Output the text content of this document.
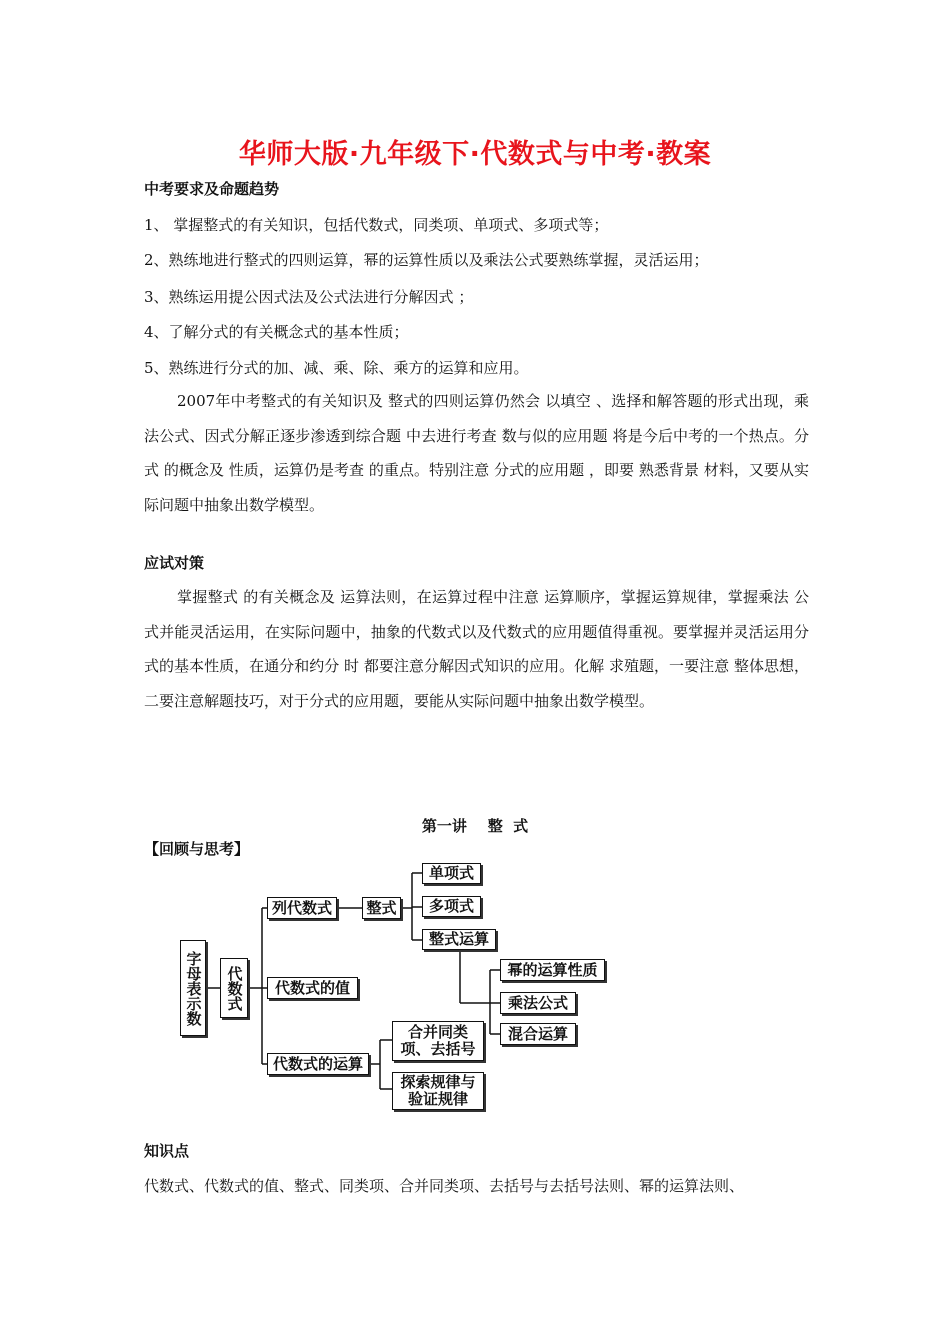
华师大版·九年级下·代数式与中考·教案
中考要求及命题趋势
1、 掌握整式的有关知识，包括代数式，同类项、单项式、多项式等；
2、熟练地进行整式的四则运算，幂的运算性质以及乘法公式要熟练掌握，灵活运用；
3、熟练运用提公因式法及公式法进行分解因式 ；
4、了解分式的有关概念式的基本性质；
5、熟练进行分式的加、减、乘、除、乘方的运算和应用。

2007年中考整式的有关知识及 整式的四则运算仍然会 以填空 、选择和解答题的形式出现，乘法公式、因式分解正逐步渗透到综合题 中去进行考查 数与似的应用题 将是今后中考的一个热点。分式 的概念及 性质，运算仍是考查 的重点。特别注意 分式的应用题 ，即要 熟悉背景 材料，又要从实际问题中抽象出数学模型。

应试对策

掌握整式 的有关概念及 运算法则，在运算过程中注意 运算顺序，掌握运算规律，掌握乘法 公式并能灵活运用，在实际问题中，抽象的代数式以及代数式的应用题值得重视。要掌握并灵活运用分式的基本性质，在通分和约分 时 都要注意分解因式知识的应用。化解 求殖题，一要注意 整体思想，二要注意解题技巧，对于分式的应用题，要能从实际问题中抽象出数学模型。

第一讲    整  式
【回顾与思考】
字母表示数 代数式
列代数式	整式
单项式
多项式
整式运算
幂的运算性质
乘法公式
混合运算
代数式的值
代数式的运算
合并同类项、去括号
探索规律与验证规律
知识点
代数式、代数式的值、整式、同类项、合并同类项、去括号与去括号法则、幂的运算法则、
